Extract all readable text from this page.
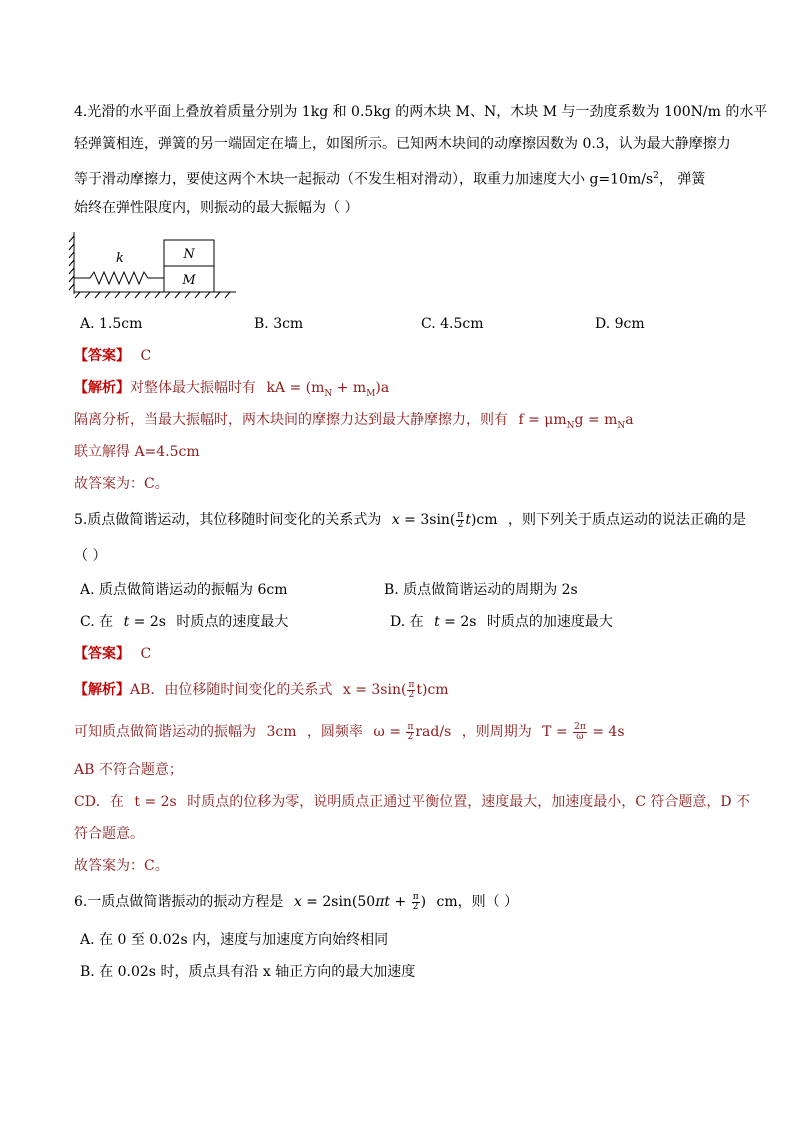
4.光滑的水平面上叠放着质量分别为 1kg 和 0.5kg 的两木块 M、N，木块 M 与一劲度系数为 100N/m 的水平
轻弹簧相连，弹簧的另一端固定在墙上，如图所示。已知两木块间的动摩擦因数为 0.3，认为最大静摩擦力
等于滑动摩擦力，要使这两个木块一起振动（不发生相对滑动），取重力加速度大小 $g=10m/s^2$， 弹簧
始终在弹性限度内，则振动的最大振幅为（ ）
k	N
M
A. 1.5cm	B. 3cm	C. 4.5cm	D. 9cm
【答案】 C
【解析】对整体最大振幅时有 kA = $(m_N + m_M)a$
隔离分析，当最大振幅时，两木块间的摩擦力达到最大静摩擦力，则有 $f = \mu m_Ng = m_Na$
联立解得 A=4.5cm
故答案为：C。
5.质点做简谐运动，其位移随时间变化的关系式为 $x = 3\sin( \frac{\pi}{2} t)cm$ ，则下列关于质点运动的说法正确的是
（ ）
A. 质点做简谐运动的振幅为 6cm	B. 质点做简谐运动的周期为 2s
C. 在 t = 2s 时质点的速度最大	D. 在 t = 2s 时质点的加速度最大
【答案】 C
【解析】AB．由位移随时间变化的关系式 $x = 3\sin( \frac{\pi}{2} t)cm$
可知质点做简谐运动的振幅为 3cm ，圆频率 $\omega = \frac{\pi}{2} rad/s$ ，则周期为 $T = \frac{2\pi}{\omega} = 4s$
AB 不符合题意；
CD．在 t = 2s 时质点的位移为零，说明质点正通过平衡位置，速度最大，加速度最小，C 符合题意，D 不
符合题意。
故答案为：C。
6.一质点做简谐振动的振动方程是 $x = 2\sin(50\pi t + \frac{\pi}{2}$ ) cm，则（ ）
A. 在 0 至 0.02s 内，速度与加速度方向始终相同
B. 在 0.02s 时，质点具有沿 x 轴正方向的最大加速度
